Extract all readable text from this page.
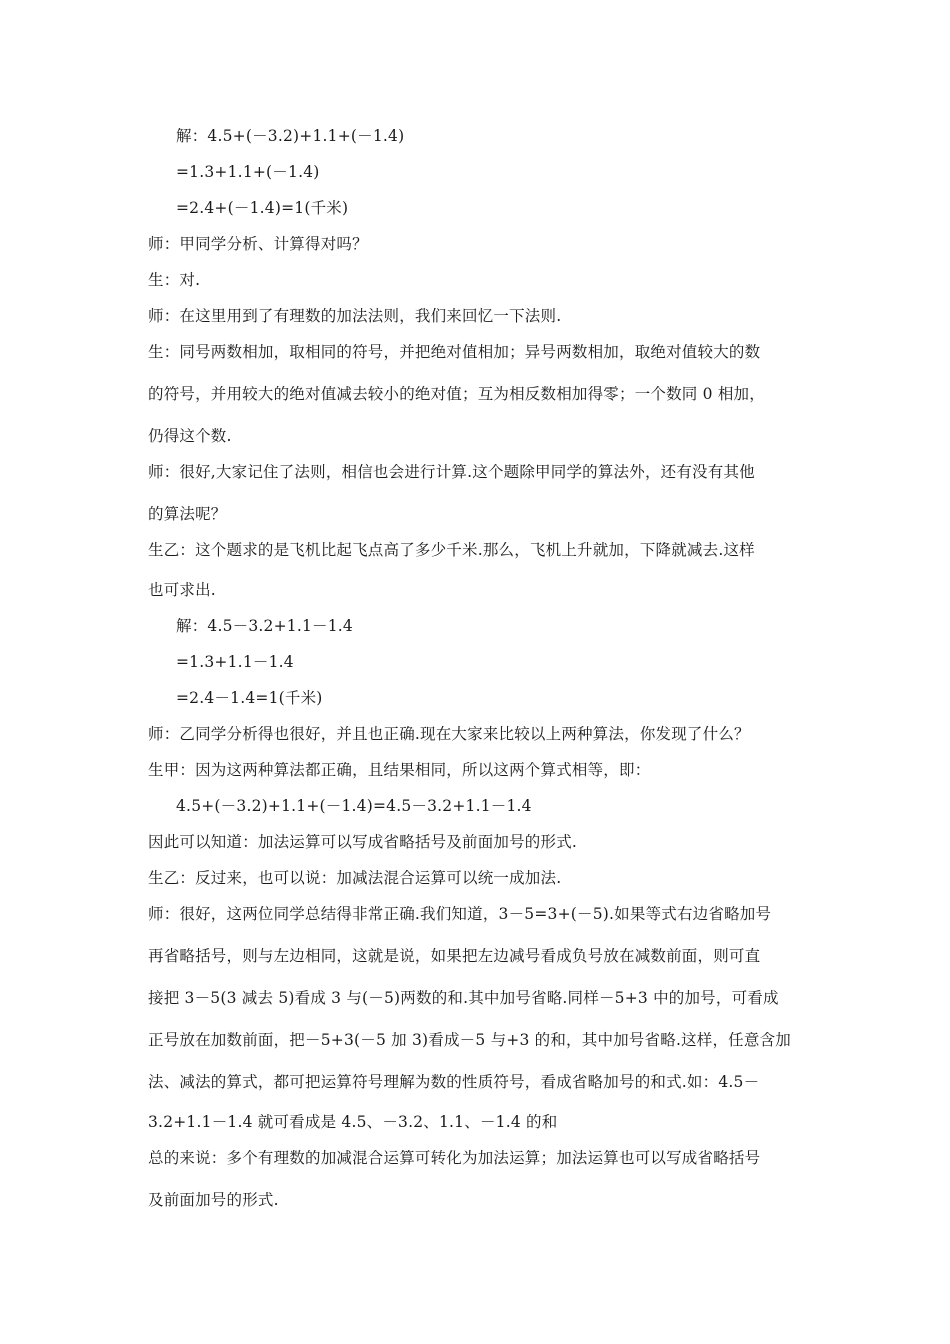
解：4.5+(－3.2)+1.1+(－1.4)
=1.3+1.1+(－1.4)
=2.4+(－1.4)=1(千米)
师：甲同学分析、计算得对吗？
生：对.
师：在这里用到了有理数的加法法则，我们来回忆一下法则.
生：同号两数相加，取相同的符号，并把绝对值相加；异号两数相加，取绝对值较大的数
的符号，并用较大的绝对值减去较小的绝对值；互为相反数相加得零；一个数同 0 相加，
仍得这个数.
师：很好,大家记住了法则，相信也会进行计算.这个题除甲同学的算法外，还有没有其他
的算法呢？
生乙：这个题求的是飞机比起飞点高了多少千米.那么，飞机上升就加，下降就减去.这样
也可求出.
解：4.5－3.2+1.1－1.4
=1.3+1.1－1.4
=2.4－1.4=1(千米)
师：乙同学分析得也很好，并且也正确.现在大家来比较以上两种算法，你发现了什么？
生甲：因为这两种算法都正确，且结果相同，所以这两个算式相等，即：
4.5+(－3.2)+1.1+(－1.4)=4.5－3.2+1.1－1.4
因此可以知道：加法运算可以写成省略括号及前面加号的形式.
生乙：反过来，也可以说：加减法混合运算可以统一成加法.
师：很好，这两位同学总结得非常正确.我们知道，3－5=3+(－5).如果等式右边省略加号
再省略括号，则与左边相同，这就是说，如果把左边减号看成负号放在减数前面，则可直
接把 3－5(3 减去 5)看成 3 与(－5)两数的和.其中加号省略.同样－5+3 中的加号，可看成
正号放在加数前面，把－5+3(－5 加 3)看成－5 与+3 的和，其中加号省略.这样，任意含加
法、减法的算式，都可把运算符号理解为数的性质符号，看成省略加号的和式.如：4.5－
3.2+1.1－1.4 就可看成是 4.5、－3.2、1.1、－1.4 的和
总的来说：多个有理数的加减混合运算可转化为加法运算；加法运算也可以写成省略括号
及前面加号的形式.
